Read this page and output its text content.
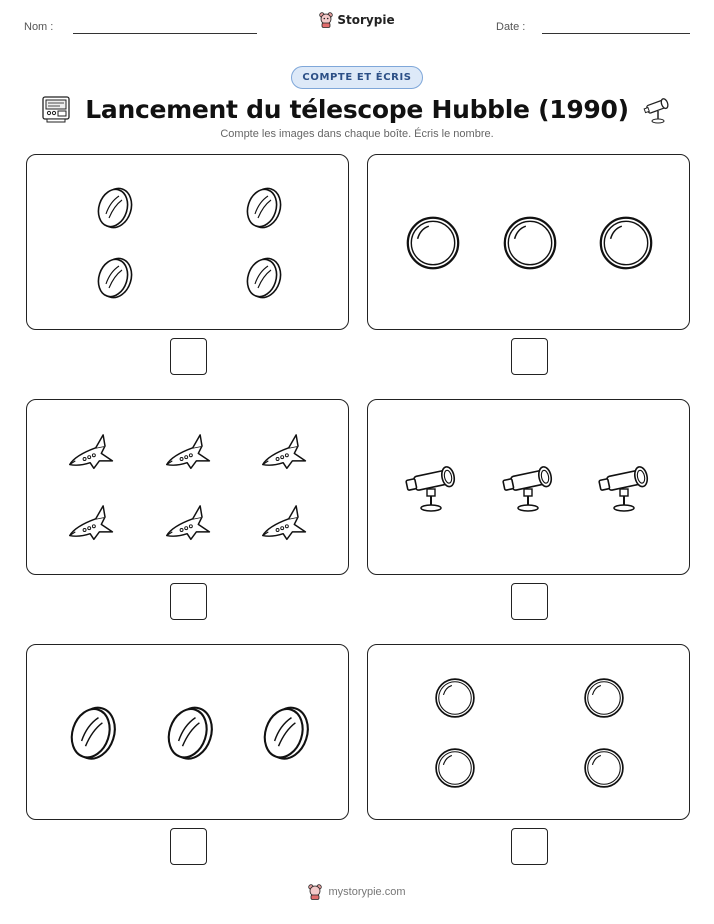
Nom :	Date :
Storypie
COMPTE ET ÉCRIS
Lancement du télescope Hubble (1990)
Compte les images dans chaque boîte. Écris le nombre.
mystorypie.com
